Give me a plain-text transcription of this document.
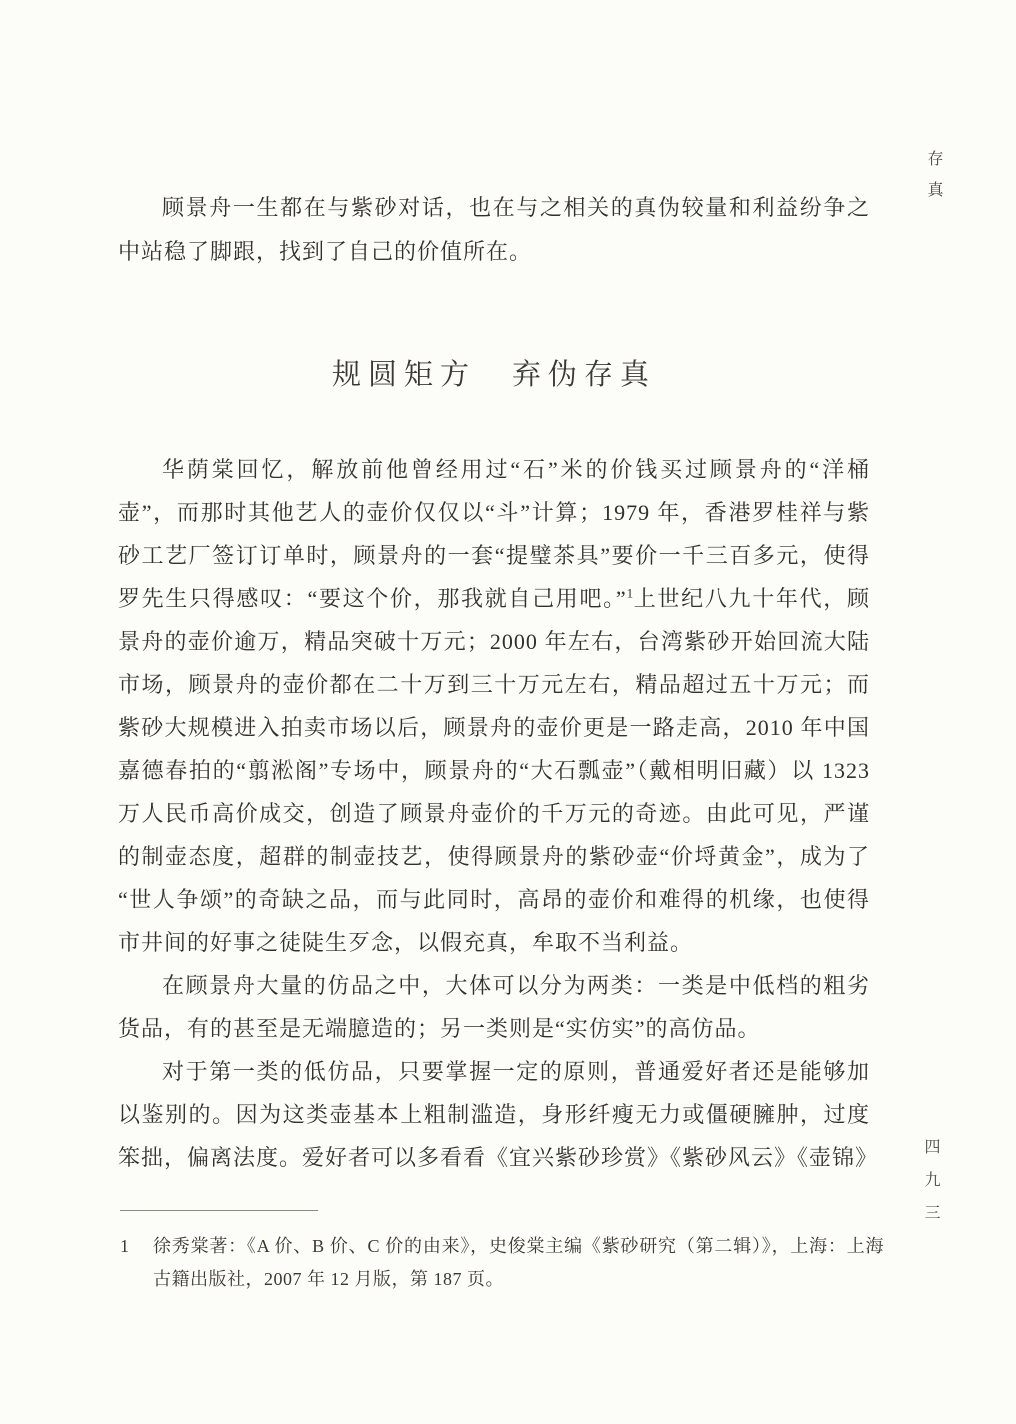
存真

顾景舟一生都在与紫砂对话，也在与之相关的真伪较量和利益纷争之中站稳了脚跟，找到了自己的价值所在。

规圆矩方　弃伪存真

华荫棠回忆，解放前他曾经用过“石”米的价钱买过顾景舟的“洋桶壶”，而那时其他艺人的壶价仅仅以“斗”计算；1979 年，香港罗桂祥与紫砂工艺厂签订订单时，顾景舟的一套“提璧茶具”要价一千三百多元，使得罗先生只得感叹：“要这个价，那我就自己用吧。”$^1$上世纪八九十年代，顾景舟的壶价逾万，精品突破十万元；2000 年左右，台湾紫砂开始回流大陆市场，顾景舟的壶价都在二十万到三十万元左右，精品超过五十万元；而紫砂大规模进入拍卖市场以后，顾景舟的壶价更是一路走高，2010 年中国嘉德春拍的“翦淞阁”专场中，顾景舟的“大石瓢壶”（戴相明旧藏）以 1323 万人民币高价成交，创造了顾景舟壶价的千万元的奇迹。由此可见，严谨的制壶态度，超群的制壶技艺，使得顾景舟的紫砂壶“价埒黄金”，成为了“世人争颂”的奇缺之品，而与此同时，高昂的壶价和难得的机缘，也使得市井间的好事之徒陡生歹念，以假充真，牟取不当利益。

在顾景舟大量的仿品之中，大体可以分为两类：一类是中低档的粗劣货品，有的甚至是无端臆造的；另一类则是“实仿实”的高仿品。

对于第一类的低仿品，只要掌握一定的原则，普通爱好者还是能够加以鉴别的。因为这类壶基本上粗制滥造，身形纤瘦无力或僵硬臃肿，过度笨拙，偏离法度。爱好者可以多看看《宜兴紫砂珍赏》《紫砂风云》《壶锦》

1	徐秀棠著：《A 价、B 价、C 价的由来》，史俊棠主编《紫砂研究（第二辑）》，上海：上海古籍出版社，2007 年 12 月版，第 187 页。

四九三
